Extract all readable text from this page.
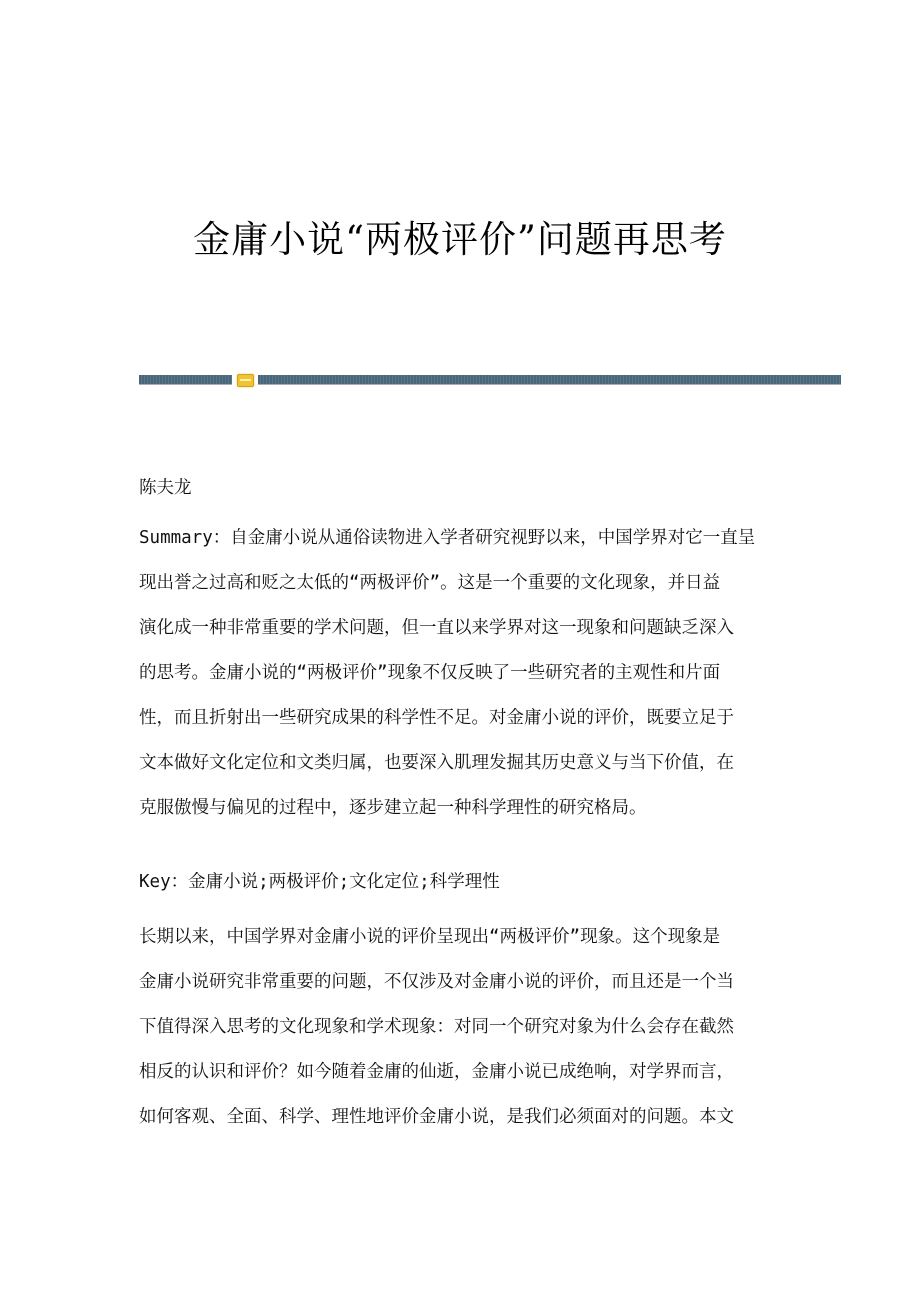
金庸小说“两极评价”问题再思考
陈夫龙
Summary：自金庸小说从通俗读物进入学者研究视野以来，中国学界对它一直呈
现出誉之过高和贬之太低的“两极评价”。这是一个重要的文化现象，并日益
演化成一种非常重要的学术问题，但一直以来学界对这一现象和问题缺乏深入
的思考。金庸小说的“两极评价”现象不仅反映了一些研究者的主观性和片面
性，而且折射出一些研究成果的科学性不足。对金庸小说的评价，既要立足于
文本做好文化定位和文类归属，也要深入肌理发掘其历史意义与当下价值，在
克服傲慢与偏见的过程中，逐步建立起一种科学理性的研究格局。
Key：金庸小说;两极评价;文化定位;科学理性
长期以来，中国学界对金庸小说的评价呈现出“两极评价”现象。这个现象是
金庸小说研究非常重要的问题，不仅涉及对金庸小说的评价，而且还是一个当
下值得深入思考的文化现象和学术现象：对同一个研究对象为什么会存在截然
相反的认识和评价？如今随着金庸的仙逝，金庸小说已成绝响，对学界而言，
如何客观、全面、科学、理性地评价金庸小说，是我们必须面对的问题。本文
